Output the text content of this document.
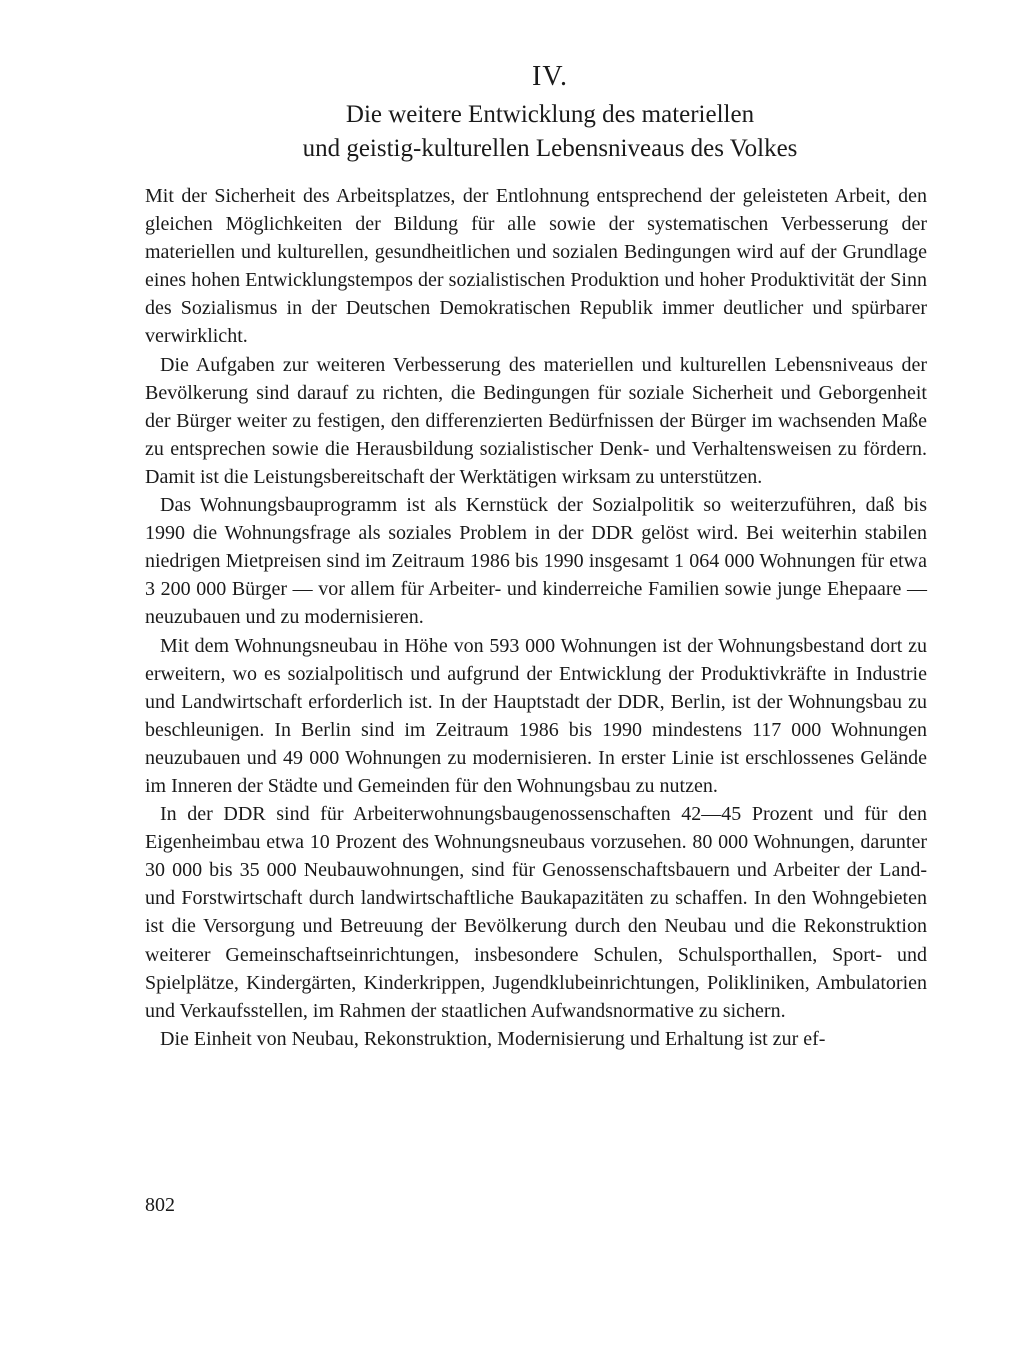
IV.
Die weitere Entwicklung des materiellen
und geistig-kulturellen Lebensniveaus des Volkes

Mit der Sicherheit des Arbeitsplatzes, der Entlohnung entsprechend der geleisteten Arbeit, den gleichen Möglichkeiten der Bildung für alle sowie der systematischen Verbesserung der materiellen und kulturellen, gesundheitlichen und sozialen Bedingungen wird auf der Grundlage eines hohen Entwicklungstempos der sozialistischen Produktion und hoher Produktivität der Sinn des Sozialismus in der Deutschen Demokratischen Republik immer deutlicher und spürbarer verwirklicht.

Die Aufgaben zur weiteren Verbesserung des materiellen und kulturellen Lebensniveaus der Bevölkerung sind darauf zu richten, die Bedingungen für soziale Sicherheit und Geborgenheit der Bürger weiter zu festigen, den differenzierten Bedürfnissen der Bürger im wachsenden Maße zu entsprechen sowie die Herausbildung sozialistischer Denk- und Verhaltensweisen zu fördern. Damit ist die Leistungsbereitschaft der Werktätigen wirksam zu unterstützen.

Das Wohnungsbauprogramm ist als Kernstück der Sozialpolitik so weiterzuführen, daß bis 1990 die Wohnungsfrage als soziales Problem in der DDR gelöst wird. Bei weiterhin stabilen niedrigen Mietpreisen sind im Zeitraum 1986 bis 1990 insgesamt 1 064 000 Wohnungen für etwa 3 200 000 Bürger — vor allem für Arbeiter- und kinderreiche Familien sowie junge Ehepaare — neuzubauen und zu modernisieren.

Mit dem Wohnungsneubau in Höhe von 593 000 Wohnungen ist der Wohnungsbestand dort zu erweitern, wo es sozialpolitisch und aufgrund der Entwicklung der Produktivkräfte in Industrie und Landwirtschaft erforderlich ist. In der Hauptstadt der DDR, Berlin, ist der Wohnungsbau zu beschleunigen. In Berlin sind im Zeitraum 1986 bis 1990 mindestens 117 000 Wohnungen neuzubauen und 49 000 Wohnungen zu modernisieren. In erster Linie ist erschlossenes Gelände im Inneren der Städte und Gemeinden für den Wohnungsbau zu nutzen.

In der DDR sind für Arbeiterwohnungsbaugenossenschaften 42—45 Prozent und für den Eigenheimbau etwa 10 Prozent des Wohnungsneubaus vorzusehen. 80 000 Wohnungen, darunter 30 000 bis 35 000 Neubauwohnungen, sind für Genossenschaftsbauern und Arbeiter der Land- und Forstwirtschaft durch landwirtschaftliche Baukapazitäten zu schaffen. In den Wohngebieten ist die Versorgung und Betreuung der Bevölkerung durch den Neubau und die Rekonstruktion weiterer Gemeinschaftseinrichtungen, insbesondere Schulen, Schulsporthallen, Sport- und Spielplätze, Kindergärten, Kinderkrippen, Jugendklubeinrichtungen, Polikliniken, Ambulatorien und Verkaufsstellen, im Rahmen der staatlichen Aufwandsnormative zu sichern.

Die Einheit von Neubau, Rekonstruktion, Modernisierung und Erhaltung ist zur ef-

802
